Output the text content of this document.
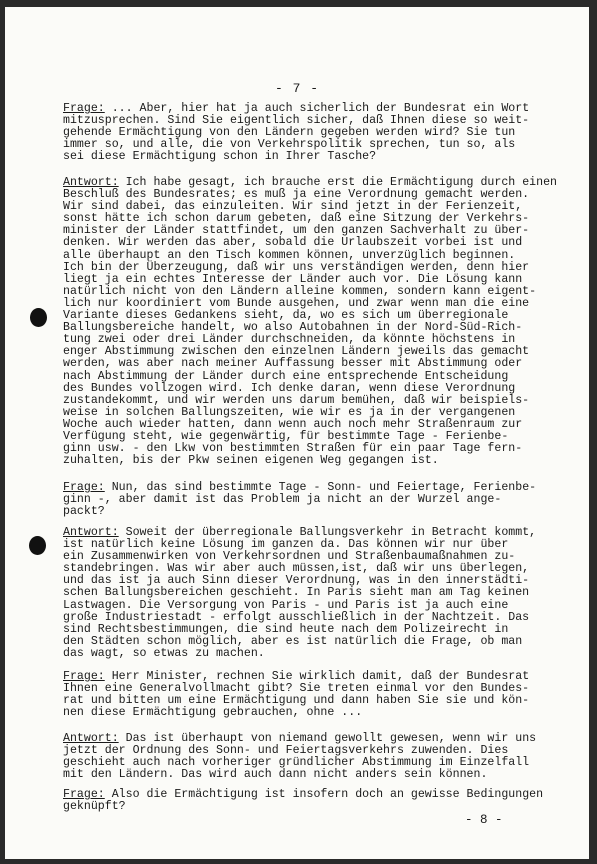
- 7 -
Frage: ... Aber, hier hat ja auch sicherlich der Bundesrat ein Wort
mitzusprechen. Sind Sie eigentlich sicher, daß Ihnen diese so weit-
gehende Ermächtigung von den Ländern gegeben werden wird? Sie tun
immer so, und alle, die von Verkehrspolitik sprechen, tun so, als
sei diese Ermächtigung schon in Ihrer Tasche?
Antwort: Ich habe gesagt, ich brauche erst die Ermächtigung durch einen
Beschluß des Bundesrates; es muß ja eine Verordnung gemacht werden.
Wir sind dabei, das einzuleiten. Wir sind jetzt in der Ferienzeit,
sonst hätte ich schon darum gebeten, daß eine Sitzung der Verkehrs-
minister der Länder stattfindet, um den ganzen Sachverhalt zu über-
denken. Wir werden das aber, sobald die Urlaubszeit vorbei ist und
alle überhaupt an den Tisch kommen können, unverzüglich beginnen.
Ich bin der Überzeugung, daß wir uns verständigen werden, denn hier
liegt ja ein echtes Interesse der Länder auch vor. Die Lösung kann
natürlich nicht von den Ländern alleine kommen, sondern kann eigent-
lich nur koordiniert vom Bunde ausgehen, und zwar wenn man die eine
Variante dieses Gedankens sieht, da, wo es sich um überregionale
Ballungsbereiche handelt, wo also Autobahnen in der Nord-Süd-Rich-
tung zwei oder drei Länder durchschneiden, da könnte höchstens in
enger Abstimmung zwischen den einzelnen Ländern jeweils das gemacht
werden, was aber nach meiner Auffassung besser mit Abstimmung oder
nach Abstimmung der Länder durch eine entsprechende Entscheidung
des Bundes vollzogen wird. Ich denke daran, wenn diese Verordnung
zustandekommt, und wir werden uns darum bemühen, daß wir beispiels-
weise in solchen Ballungszeiten, wie wir es ja in der vergangenen
Woche auch wieder hatten, dann wenn auch noch mehr Straßenraum zur
Verfügung steht, wie gegenwärtig, für bestimmte Tage - Ferienbe-
ginn usw. - den Lkw von bestimmten Straßen für ein paar Tage fern-
zuhalten, bis der Pkw seinen eigenen Weg gegangen ist.
Frage: Nun, das sind bestimmte Tage - Sonn- und Feiertage, Ferienbe-
ginn -, aber damit ist das Problem ja nicht an der Wurzel ange-
packt?
Antwort: Soweit der überregionale Ballungsverkehr in Betracht kommt,
ist natürlich keine Lösung im ganzen da. Das können wir nur über
ein Zusammenwirken von Verkehrsordnen und Straßenbaumaßnahmen zu-
standebringen. Was wir aber auch müssen,ist, daß wir uns überlegen,
und das ist ja auch Sinn dieser Verordnung, was in den innerstädti-
schen Ballungsbereichen geschieht. In Paris sieht man am Tag keinen
Lastwagen. Die Versorgung von Paris - und Paris ist ja auch eine
große Industriestadt - erfolgt ausschließlich in der Nachtzeit. Das
sind Rechtsbestimmungen, die sind heute nach dem Polizeirecht in
den Städten schon möglich, aber es ist natürlich die Frage, ob man
das wagt, so etwas zu machen.
Frage: Herr Minister, rechnen Sie wirklich damit, daß der Bundesrat
Ihnen eine Generalvollmacht gibt? Sie treten einmal vor den Bundes-
rat und bitten um eine Ermächtigung und dann haben Sie sie und kön-
nen diese Ermächtigung gebrauchen, ohne ...
Antwort: Das ist überhaupt von niemand gewollt gewesen, wenn wir uns
jetzt der Ordnung des Sonn- und Feiertagsverkehrs zuwenden. Dies
geschieht auch nach vorheriger gründlicher Abstimmung im Einzelfall
mit den Ländern. Das wird auch dann nicht anders sein können.
Frage: Also die Ermächtigung ist insofern doch an gewisse Bedingungen
geknüpft?
- 8 -
